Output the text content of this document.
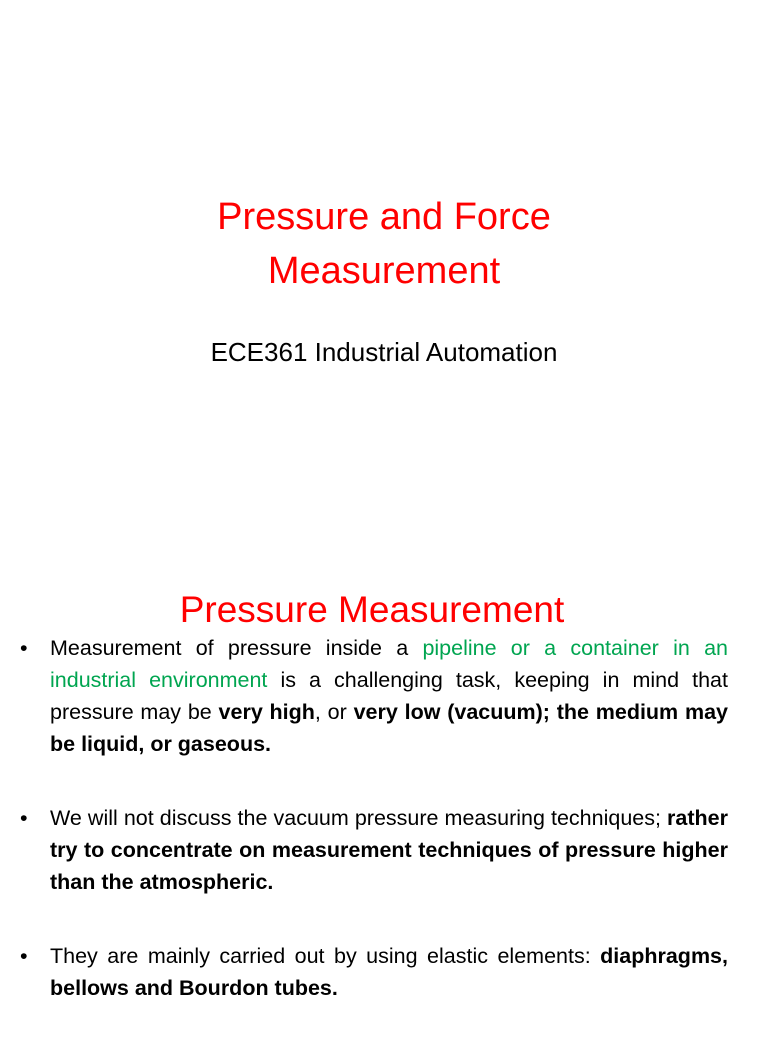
Pressure and Force
Measurement
ECE361 Industrial Automation
Pressure Measurement
• Measurement of pressure inside a pipeline or a container in an industrial environment is a challenging task, keeping in mind that pressure may be very high, or very low (vacuum); the medium may be liquid, or gaseous.
• We will not discuss the vacuum pressure measuring techniques; rather try to concentrate on measurement techniques of pressure higher than the atmospheric.
• They are mainly carried out by using elastic elements: diaphragms, bellows and Bourdon tubes.
